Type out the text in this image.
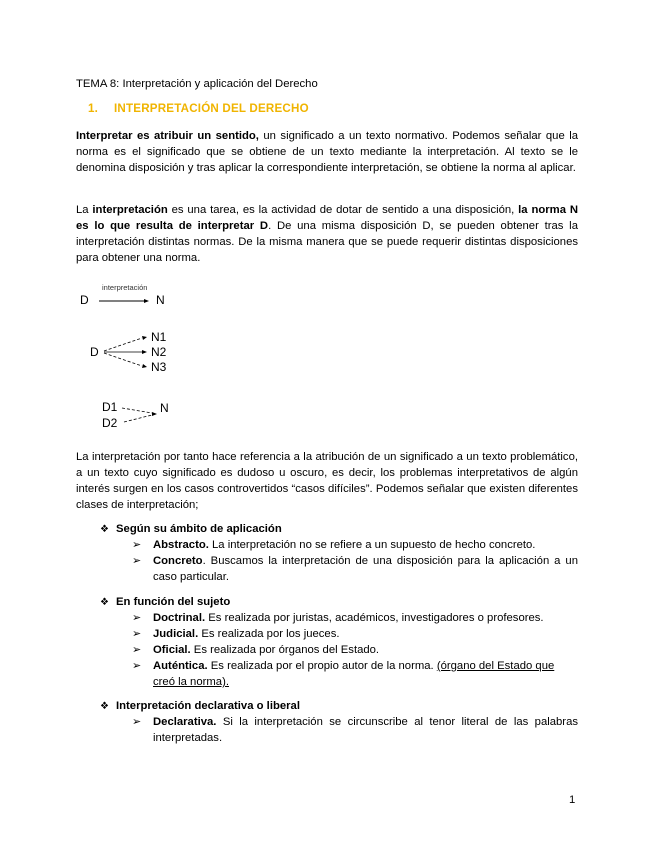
TEMA 8: Interpretación y aplicación del Derecho
1. INTERPRETACIÓN DEL DERECHO
Interpretar es atribuir un sentido, un significado a un texto normativo. Podemos señalar que la norma es el significado que se obtiene de un texto mediante la interpretación. Al texto se le denomina disposición y tras aplicar la correspondiente interpretación, se obtiene la norma al aplicar.
La interpretación es una tarea, es la actividad de dotar de sentido a una disposición, la norma N es lo que resulta de interpretar D. De una misma disposición D, se pueden obtener tras la interpretación distintas normas. De la misma manera que se puede requerir distintas disposiciones para obtener una norma.
interpretación
D	N
D
N1
N2
N3
D1
D2
N
La interpretación por tanto hace referencia a la atribución de un significado a un texto problemático, a un texto cuyo significado es dudoso u oscuro, es decir, los problemas interpretativos de algún interés surgen en los casos controvertidos “casos difíciles”. Podemos señalar que existen diferentes clases de interpretación;
❖ Según su ámbito de aplicación
➢ Abstracto. La interpretación no se refiere a un supuesto de hecho concreto.
➢ Concreto. Buscamos la interpretación de una disposición para la aplicación a un caso particular.
❖ En función del sujeto
➢ Doctrinal. Es realizada por juristas, académicos, investigadores o profesores.
➢ Judicial. Es realizada por los jueces.
➢ Oficial. Es realizada por órganos del Estado.
➢ Auténtica. Es realizada por el propio autor de la norma. (órgano del Estado que creó la norma).
❖ Interpretación declarativa o liberal
➢ Declarativa. Si la interpretación se circunscribe al tenor literal de las palabras interpretadas.
1
